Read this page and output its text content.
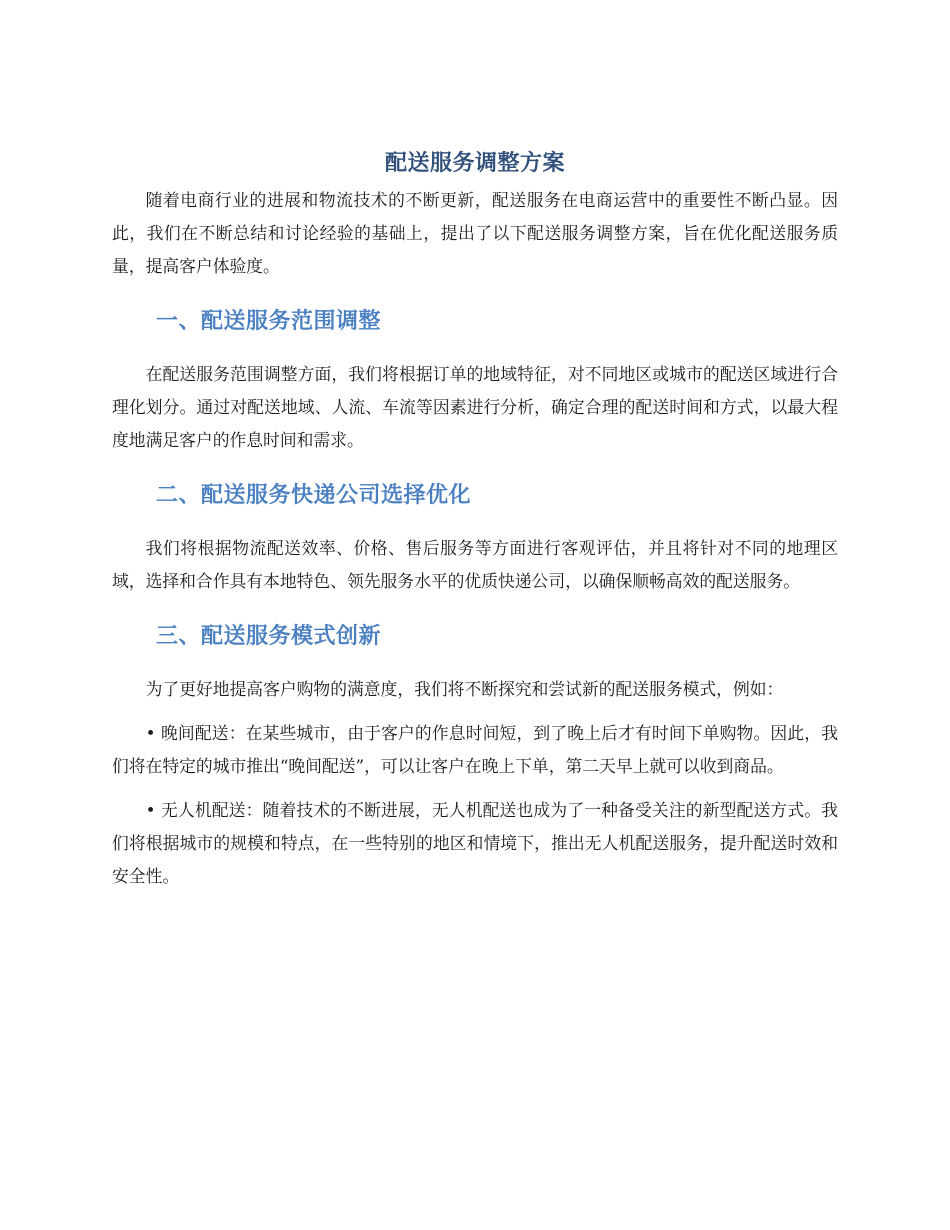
配送服务调整方案

随着电商行业的进展和物流技术的不断更新，配送服务在电商运营中的重要性不断凸显。因此，我们在不断总结和讨论经验的基础上，提出了以下配送服务调整方案，旨在优化配送服务质量，提高客户体验度。

一、配送服务范围调整

在配送服务范围调整方面，我们将根据订单的地域特征，对不同地区或城市的配送区域进行合理化划分。通过对配送地域、人流、车流等因素进行分析，确定合理的配送时间和方式，以最大程度地满足客户的作息时间和需求。

二、配送服务快递公司选择优化

我们将根据物流配送效率、价格、售后服务等方面进行客观评估，并且将针对不同的地理区域，选择和合作具有本地特色、领先服务水平的优质快递公司，以确保顺畅高效的配送服务。

三、配送服务模式创新

为了更好地提高客户购物的满意度，我们将不断探究和尝试新的配送服务模式，例如：

• 晚间配送：在某些城市，由于客户的作息时间短，到了晚上后才有时间下单购物。因此，我们将在特定的城市推出“晚间配送”，可以让客户在晚上下单，第二天早上就可以收到商品。

• 无人机配送：随着技术的不断进展，无人机配送也成为了一种备受关注的新型配送方式。我们将根据城市的规模和特点，在一些特别的地区和情境下，推出无人机配送服务，提升配送时效和安全性。
